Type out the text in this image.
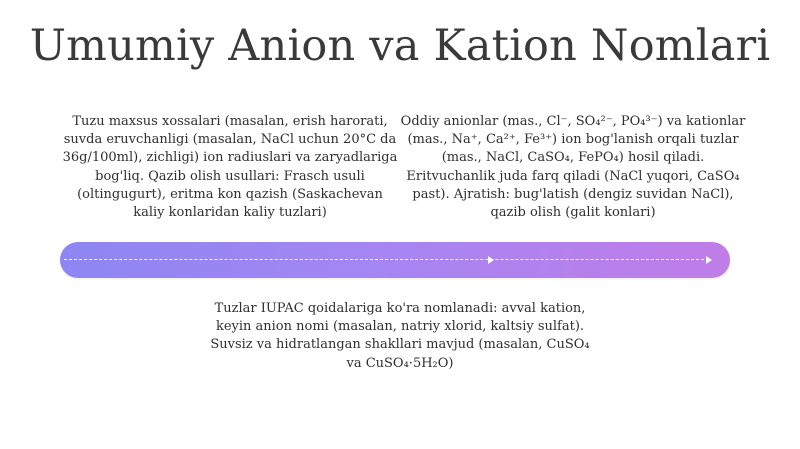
Umumiy Anion va Kation Nomlari
Tuzu maxsus xossalari (masalan, erish harorati, suvda eruvchanligi (masalan, NaCl uchun 20°C da 36g/100ml), zichligi) ion radiuslari va zaryadlariga bog'liq. Qazib olish usullari: Frasch usuli (oltingugurt), eritma kon qazish (Saskachevan kaliy konlaridan kaliy tuzlari)
Oddiy anionlar (mas., Cl⁻, SO₄²⁻, PO₄³⁻) va kationlar (mas., Na⁺, Ca²⁺, Fe³⁺) ion bog'lanish orqali tuzlar (mas., NaCl, CaSO₄, FePO₄) hosil qiladi. Eritvuchanlik juda farq qiladi (NaCl yuqori, CaSO₄ past). Ajratish: bug'latish (dengiz suvidan NaCl), qazib olish (galit konlari)
Tuzlar IUPAC qoidalariga ko'ra nomlanadi: avval kation, keyin anion nomi (masalan, natriy xlorid, kaltsiy sulfat). Suvsiz va hidratlangan shakllari mavjud (masalan, CuSO₄ va CuSO₄·5H₂O)
